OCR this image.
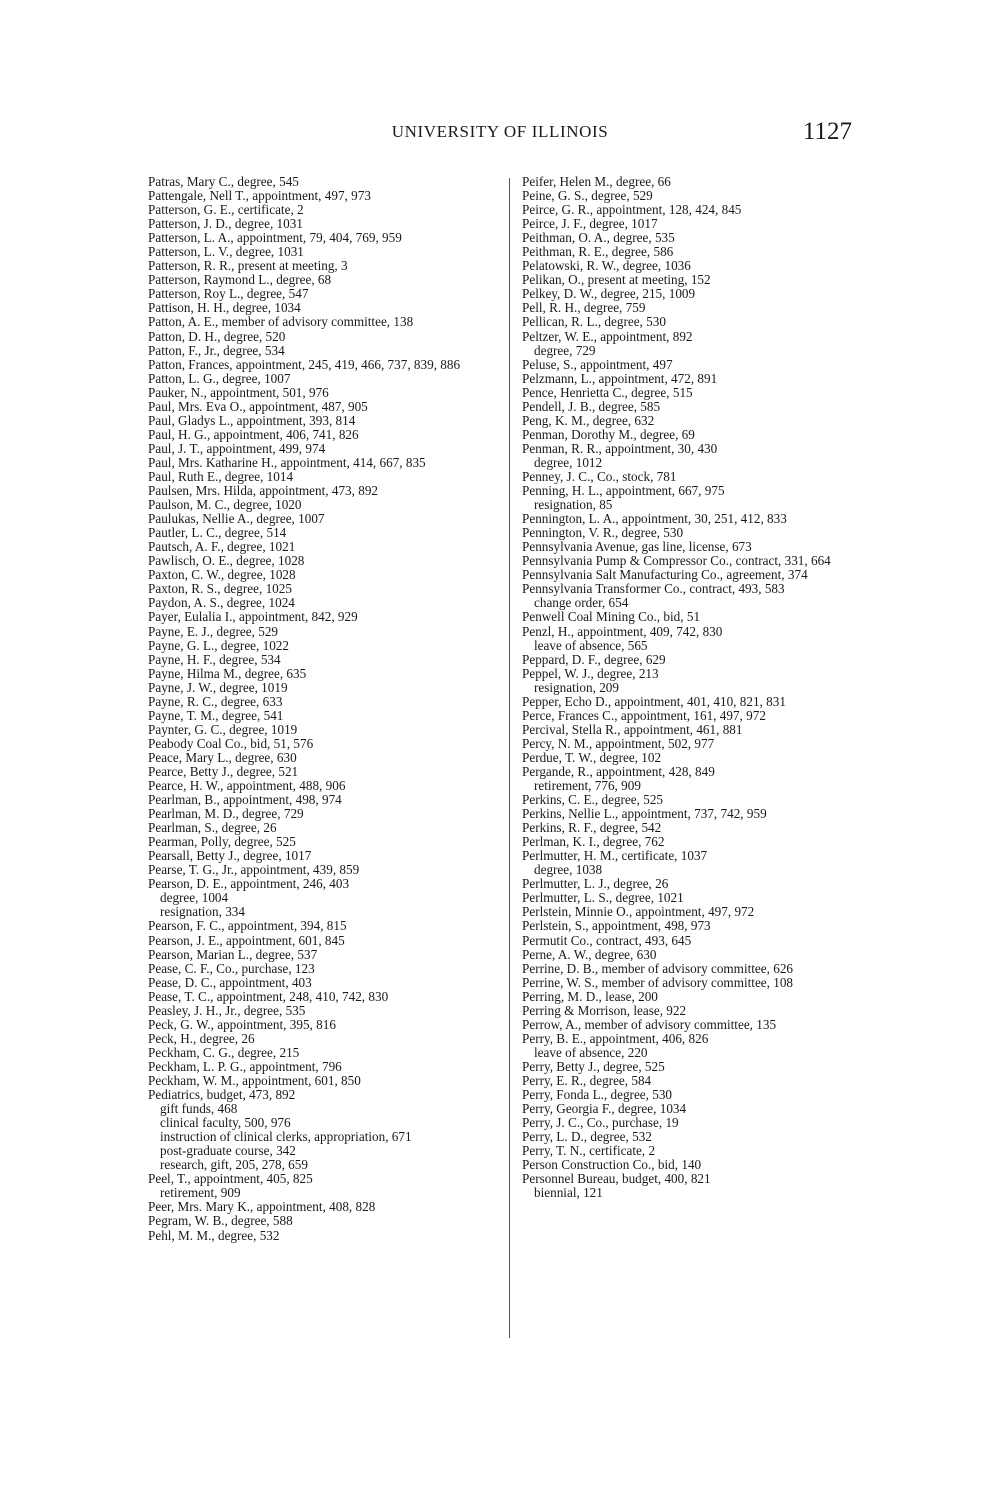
UNIVERSITY OF ILLINOIS	1127
Patras, Mary C., degree, 545
Pattengale, Nell T., appointment, 497, 973
Patterson, G. E., certificate, 2
Patterson, J. D., degree, 1031
Patterson, L. A., appointment, 79, 404, 769, 959
Patterson, L. V., degree, 1031
Patterson, R. R., present at meeting, 3
Patterson, Raymond L., degree, 68
Patterson, Roy L., degree, 547
Pattison, H. H., degree, 1034
Patton, A. E., member of advisory committee, 138
Patton, D. H., degree, 520
Patton, F., Jr., degree, 534
Patton, Frances, appointment, 245, 419, 466, 737, 839, 886
Patton, L. G., degree, 1007
Pauker, N., appointment, 501, 976
Paul, Mrs. Eva O., appointment, 487, 905
Paul, Gladys L., appointment, 393, 814
Paul, H. G., appointment, 406, 741, 826
Paul, J. T., appointment, 499, 974
Paul, Mrs. Katharine H., appointment, 414, 667, 835
Paul, Ruth E., degree, 1014
Paulsen, Mrs. Hilda, appointment, 473, 892
Paulson, M. C., degree, 1020
Paulukas, Nellie A., degree, 1007
Pautler, L. C., degree, 514
Pautsch, A. F., degree, 1021
Pawlisch, O. E., degree, 1028
Paxton, C. W., degree, 1028
Paxton, R. S., degree, 1025
Paydon, A. S., degree, 1024
Payer, Eulalia I., appointment, 842, 929
Payne, E. J., degree, 529
Payne, G. L., degree, 1022
Payne, H. F., degree, 534
Payne, Hilma M., degree, 635
Payne, J. W., degree, 1019
Payne, R. C., degree, 633
Payne, T. M., degree, 541
Paynter, G. C., degree, 1019
Peabody Coal Co., bid, 51, 576
Peace, Mary L., degree, 630
Pearce, Betty J., degree, 521
Pearce, H. W., appointment, 488, 906
Pearlman, B., appointment, 498, 974
Pearlman, M. D., degree, 729
Pearlman, S., degree, 26
Pearman, Polly, degree, 525
Pearsall, Betty J., degree, 1017
Pearse, T. G., Jr., appointment, 439, 859
Pearson, D. E., appointment, 246, 403
degree, 1004
resignation, 334
Pearson, F. C., appointment, 394, 815
Pearson, J. E., appointment, 601, 845
Pearson, Marian L., degree, 537
Pease, C. F., Co., purchase, 123
Pease, D. C., appointment, 403
Pease, T. C., appointment, 248, 410, 742, 830
Peasley, J. H., Jr., degree, 535
Peck, G. W., appointment, 395, 816
Peck, H., degree, 26
Peckham, C. G., degree, 215
Peckham, L. P. G., appointment, 796
Peckham, W. M., appointment, 601, 850
Pediatrics, budget, 473, 892
gift funds, 468
clinical faculty, 500, 976
instruction of clinical clerks, appropriation, 671
post-graduate course, 342
research, gift, 205, 278, 659
Peel, T., appointment, 405, 825
retirement, 909
Peer, Mrs. Mary K., appointment, 408, 828
Pegram, W. B., degree, 588
Pehl, M. M., degree, 532
Peifer, Helen M., degree, 66
Peine, G. S., degree, 529
Peirce, G. R., appointment, 128, 424, 845
Peirce, J. F., degree, 1017
Peithman, O. A., degree, 535
Peithman, R. E., degree, 586
Pelatowski, R. W., degree, 1036
Pelikan, O., present at meeting, 152
Pelkey, D. W., degree, 215, 1009
Pell, R. H., degree, 759
Pellican, R. L., degree, 530
Peltzer, W. E., appointment, 892
degree, 729
Peluse, S., appointment, 497
Pelzmann, L., appointment, 472, 891
Pence, Henrietta C., degree, 515
Pendell, J. B., degree, 585
Peng, K. M., degree, 632
Penman, Dorothy M., degree, 69
Penman, R. R., appointment, 30, 430
degree, 1012
Penney, J. C., Co., stock, 781
Penning, H. L., appointment, 667, 975
resignation, 85
Pennington, L. A., appointment, 30, 251, 412, 833
Pennington, V. R., degree, 530
Pennsylvania Avenue, gas line, license, 673
Pennsylvania Pump & Compressor Co., contract, 331, 664
Pennsylvania Salt Manufacturing Co., agreement, 374
Pennsylvania Transformer Co., contract, 493, 583
change order, 654
Penwell Coal Mining Co., bid, 51
Penzl, H., appointment, 409, 742, 830
leave of absence, 565
Peppard, D. F., degree, 629
Peppel, W. J., degree, 213
resignation, 209
Pepper, Echo D., appointment, 401, 410, 821, 831
Perce, Frances C., appointment, 161, 497, 972
Percival, Stella R., appointment, 461, 881
Percy, N. M., appointment, 502, 977
Perdue, T. W., degree, 102
Pergande, R., appointment, 428, 849
retirement, 776, 909
Perkins, C. E., degree, 525
Perkins, Nellie L., appointment, 737, 742, 959
Perkins, R. F., degree, 542
Perlman, K. I., degree, 762
Perlmutter, H. M., certificate, 1037
degree, 1038
Perlmutter, L. J., degree, 26
Perlmutter, L. S., degree, 1021
Perlstein, Minnie O., appointment, 497, 972
Perlstein, S., appointment, 498, 973
Permutit Co., contract, 493, 645
Perne, A. W., degree, 630
Perrine, D. B., member of advisory committee, 626
Perrine, W. S., member of advisory committee, 108
Perring, M. D., lease, 200
Perring & Morrison, lease, 922
Perrow, A., member of advisory committee, 135
Perry, B. E., appointment, 406, 826
leave of absence, 220
Perry, Betty J., degree, 525
Perry, E. R., degree, 584
Perry, Fonda L., degree, 530
Perry, Georgia F., degree, 1034
Perry, J. C., Co., purchase, 19
Perry, L. D., degree, 532
Perry, T. N., certificate, 2
Person Construction Co., bid, 140
Personnel Bureau, budget, 400, 821
biennial, 121
